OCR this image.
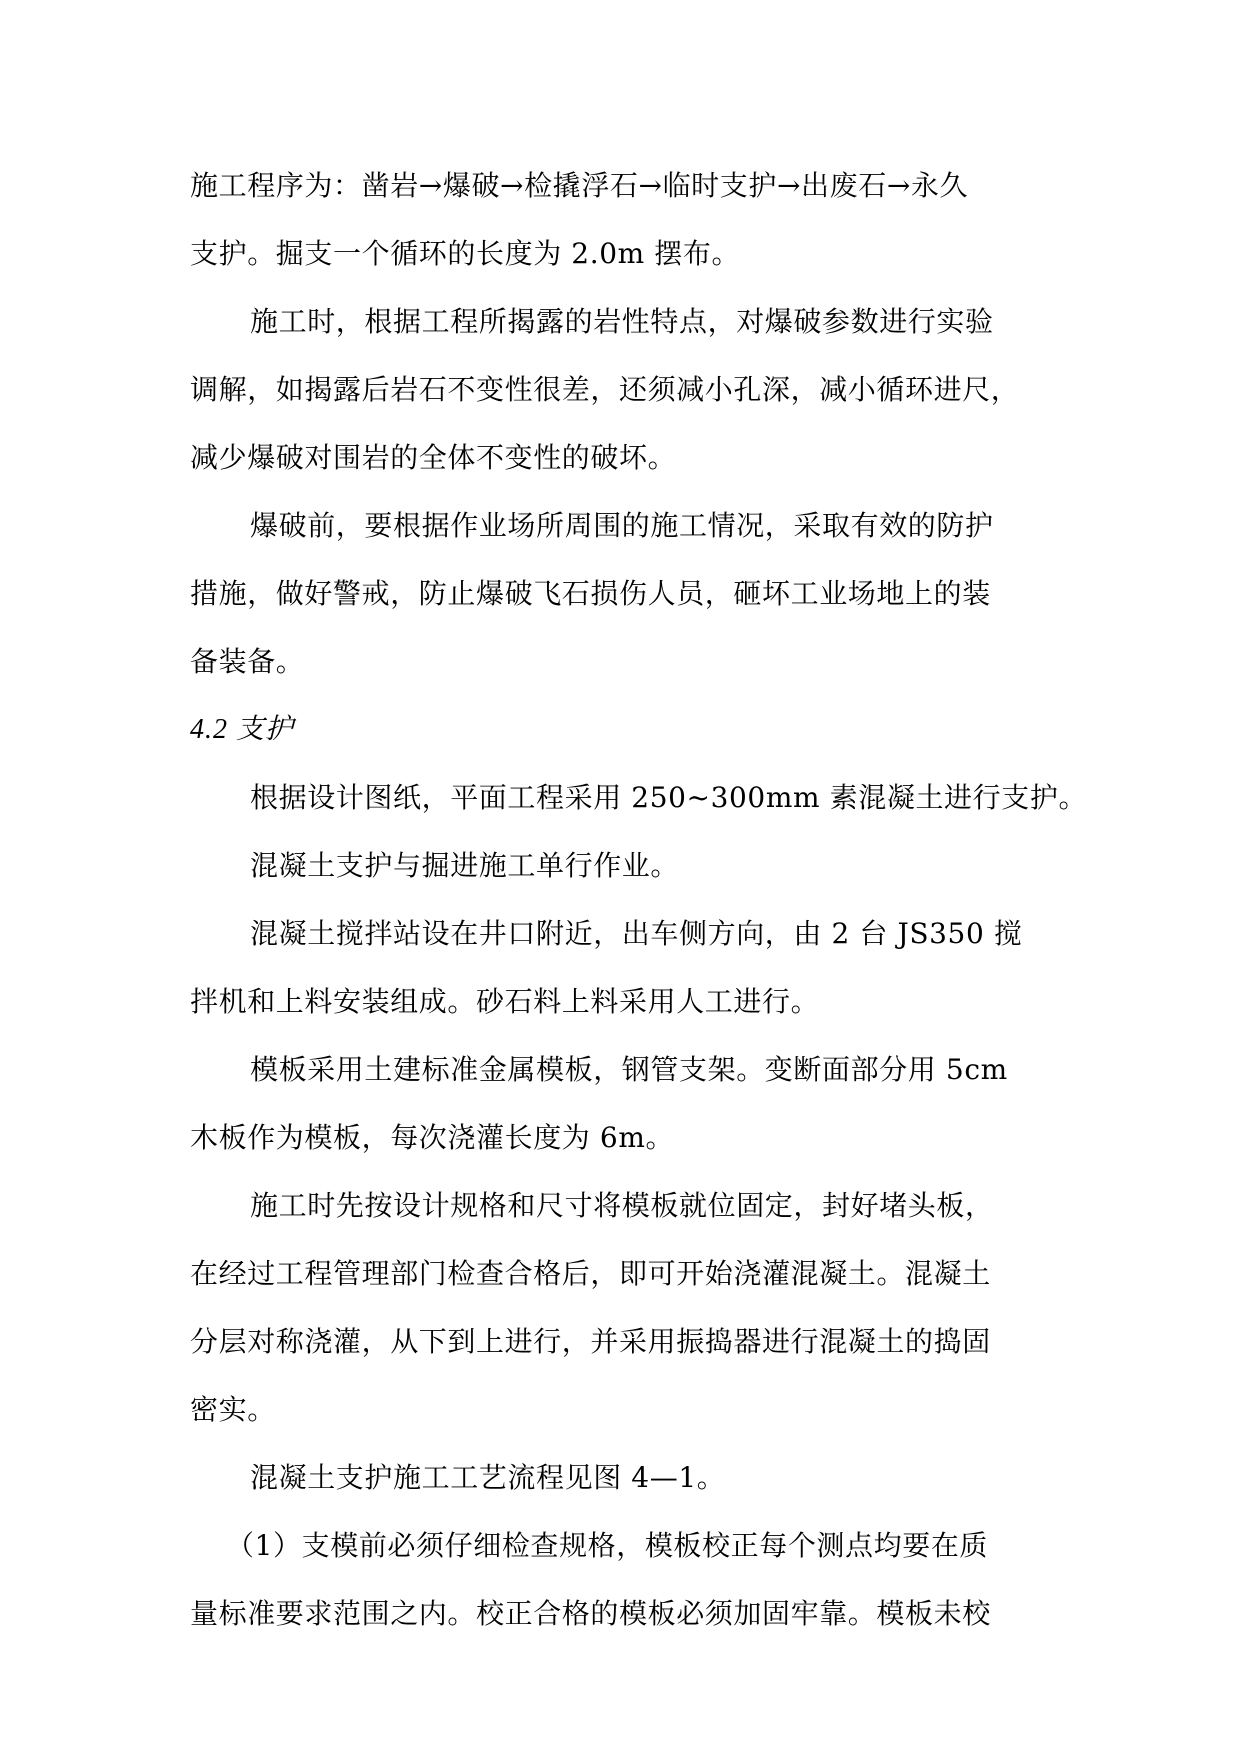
施工程序为：凿岩→爆破→检撬浮石→临时支护→出废石→永久
支护。掘支一个循环的长度为 2.0m 摆布。
施工时，根据工程所揭露的岩性特点，对爆破参数进行实验
调解，如揭露后岩石不变性很差，还须减小孔深，减小循环进尺，
减少爆破对围岩的全体不变性的破坏。
爆破前，要根据作业场所周围的施工情况，采取有效的防护
措施，做好警戒，防止爆破飞石损伤人员，砸坏工业场地上的装
备装备。
4.2 支护
根据设计图纸，平面工程采用 250~300mm 素混凝土进行支护。
混凝土支护与掘进施工单行作业。
混凝土搅拌站设在井口附近，出车侧方向，由 2 台 JS350 搅
拌机和上料安装组成。砂石料上料采用人工进行。
模板采用土建标准金属模板，钢管支架。变断面部分用 5cm
木板作为模板，每次浇灌长度为 6m。
施工时先按设计规格和尺寸将模板就位固定，封好堵头板，
在经过工程管理部门检查合格后，即可开始浇灌混凝土。混凝土
分层对称浇灌，从下到上进行，并采用振捣器进行混凝土的捣固
密实。
混凝土支护施工工艺流程见图 4—1。
（1）支模前必须仔细检查规格，模板校正每个测点均要在质
量标准要求范围之内。校正合格的模板必须加固牢靠。模板未校
